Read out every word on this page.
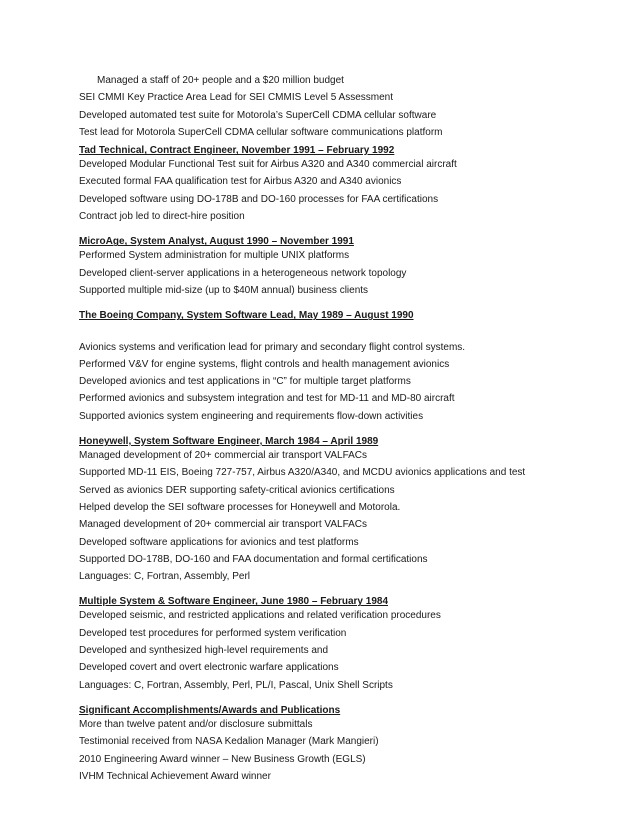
Managed a staff of 20+ people and a $20 million budget
SEI CMMI Key Practice Area Lead for SEI CMMIS Level 5 Assessment
Developed automated test suite for Motorola’s SuperCell CDMA cellular software
Test lead for Motorola SuperCell CDMA cellular software communications platform
Tad Technical, Contract Engineer, November 1991 – February 1992
Developed Modular Functional Test suit for Airbus A320 and A340 commercial aircraft
Executed formal FAA qualification test for Airbus A320 and A340 avionics
Developed software using DO-178B and DO-160 processes for FAA certifications
Contract job led to direct-hire position
MicroAge, System Analyst, August 1990 – November 1991
Performed System administration for multiple UNIX platforms
Developed client-server applications in a heterogeneous network topology
Supported multiple mid-size (up to $40M annual) business clients
The Boeing Company, System Software Lead, May 1989 – August 1990
Avionics systems and verification lead for primary and secondary flight control systems.
Performed V&V for engine systems, flight controls and health management avionics
Developed avionics and test applications in “C” for multiple target platforms
Performed avionics and subsystem integration and test for MD-11 and MD-80 aircraft
Supported avionics system engineering and requirements flow-down activities
Honeywell, System Software Engineer, March 1984 – April 1989
Managed development of 20+ commercial air transport VALFACs
Supported MD-11 EIS, Boeing 727-757, Airbus A320/A340, and MCDU avionics applications and test
Served as avionics DER supporting safety-critical avionics certifications
Helped develop the SEI software processes for Honeywell and Motorola.
Managed development of 20+ commercial air transport VALFACs
Developed software applications for avionics and test platforms
Supported DO-178B, DO-160 and FAA documentation and formal certifications
Languages: C, Fortran, Assembly, Perl
Multiple System & Software Engineer, June 1980 – February 1984
Developed seismic, and restricted applications and related verification procedures
Developed test procedures for performed system verification
Developed and synthesized high-level requirements and
Developed covert and overt electronic warfare applications
Languages: C, Fortran, Assembly, Perl, PL/I, Pascal, Unix Shell Scripts
Significant Accomplishments/Awards and Publications
More than twelve patent and/or disclosure submittals
Testimonial received from NASA Kedalion Manager (Mark Mangieri)
2010 Engineering Award winner – New Business Growth (EGLS)
IVHM Technical Achievement Award winner
